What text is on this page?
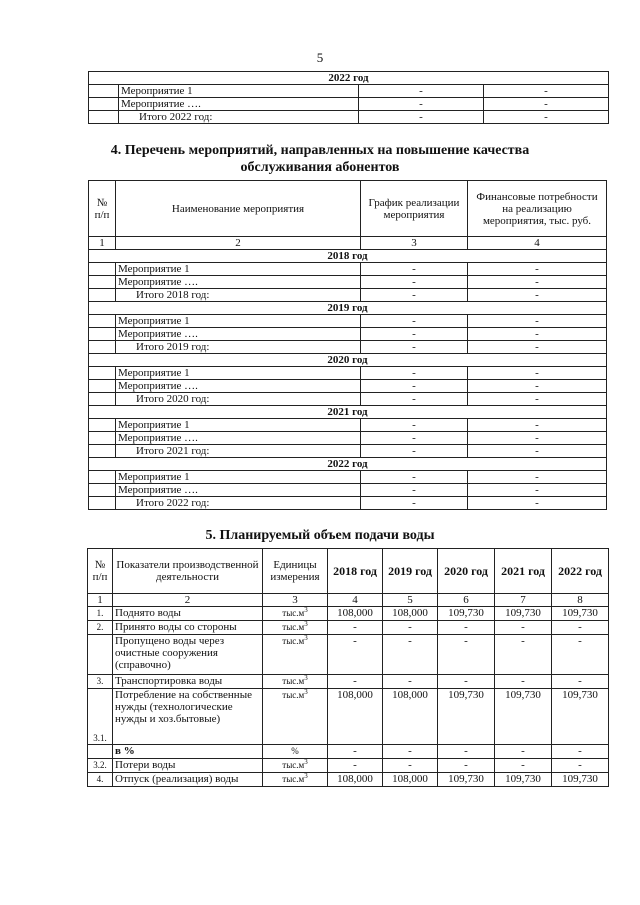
5
2022 год			
	Мероприятие 1	-	-
	Мероприятие ….	-	-
	Итого 2022 год:	-	-
4. Перечень мероприятий, направленных на повышение качества
обслуживания абонентов
№ п/п	Наименование мероприятия	График реализации мероприятия	Финансовые потребности на реализацию мероприятия, тыс. руб.
1	2	3	4
2018 год			
	Мероприятие 1	-	-
	Мероприятие ….	-	-
	Итого 2018 год:	-	-
2019 год			
	Мероприятие 1	-	-
	Мероприятие ….	-	-
	Итого 2019 год:	-	-
2020 год			
	Мероприятие 1	-	-
	Мероприятие ….	-	-
	Итого 2020 год:	-	-
2021 год			
	Мероприятие 1	-	-
	Мероприятие ….	-	-
	Итого 2021 год:	-	-
2022 год			
	Мероприятие 1	-	-
	Мероприятие ….	-	-
	Итого 2022 год:	-	-
5. Планируемый объем подачи воды
№ п/п	Показатели производственной деятельности	Единицы измерения	2018 год	2019 год	2020 год	2021 год	2022 год
1	2	3	4	5	6	7	8
1.	Поднято воды	$тыс.м^3$	108,000	108,000	109,730	109,730	109,730
2.	Принято воды со стороны	$тыс.м^3$	-	-	-	-	-
	Пропущено воды через очистные сооружения (справочно)	$тыс.м^3$	-	-	-	-	-
3.	Транспортировка воды	$тыс.м^3$	-	-	-	-	-
3.1.	Потребление на собственные нужды (технологические нужды и хоз.бытовые)	$тыс.м^3$	108,000	108,000	109,730	109,730	109,730
	в %	%	-	-	-	-	-
3.2.	Потери воды	$тыс.м^3$	-	-	-	-	-
4.	Отпуск (реализация) воды	$тыс.м^3$	108,000	108,000	109,730	109,730	109,730
